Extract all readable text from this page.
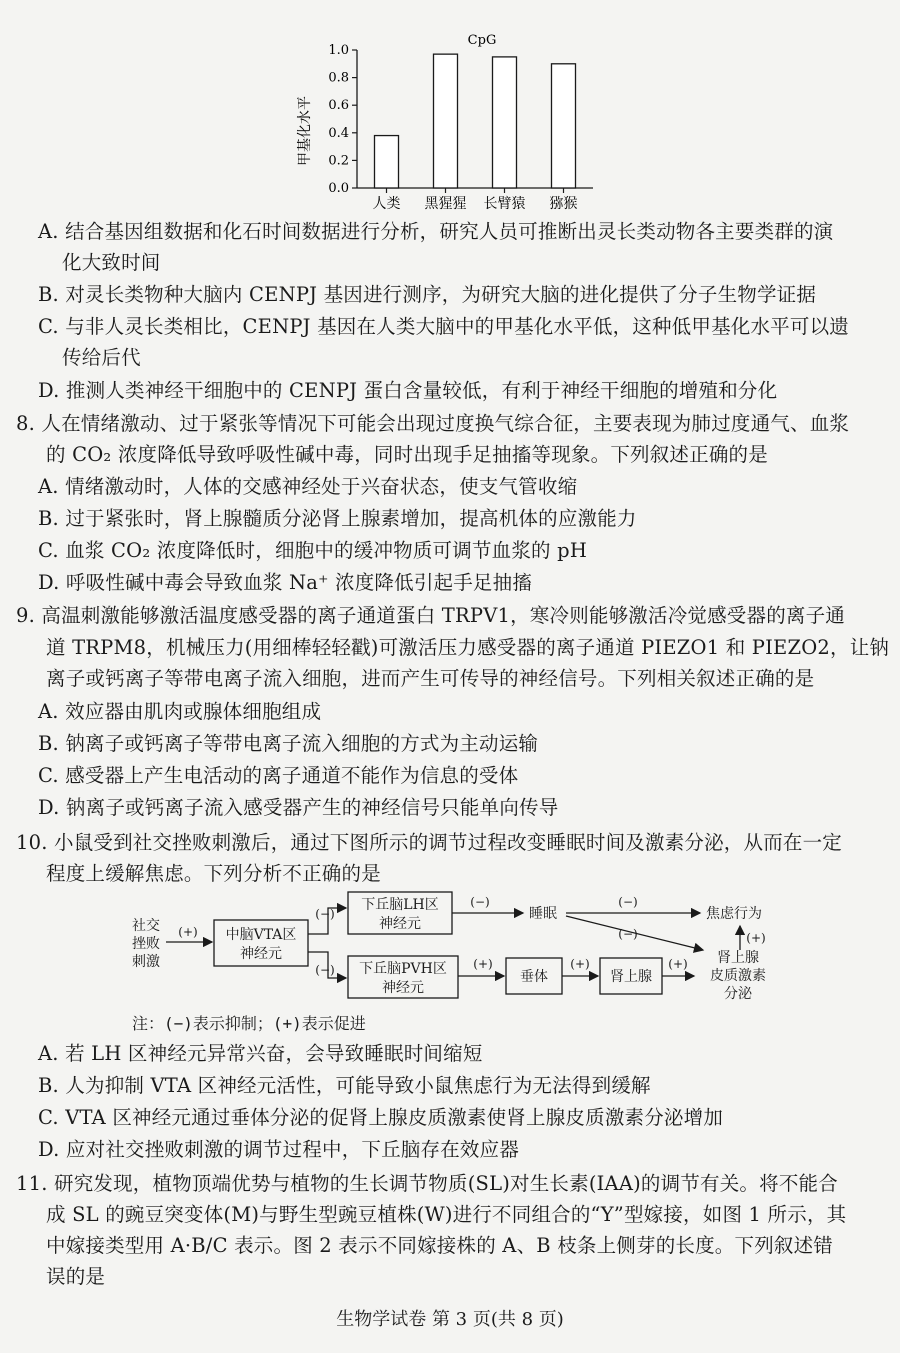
CpG
甲基化水平
0.0
0.2
0.4
0.6
0.8
1.0
人类 黑猩猩 长臂猿 猕猴
A. 结合基因组数据和化石时间数据进行分析，研究人员可推断出灵长类动物各主要类群的演
化大致时间
B. 对灵长类物种大脑内 CENPJ 基因进行测序，为研究大脑的进化提供了分子生物学证据
C. 与非人灵长类相比，CENPJ 基因在人类大脑中的甲基化水平低，这种低甲基化水平可以遗
传给后代
D. 推测人类神经干细胞中的 CENPJ 蛋白含量较低，有利于神经干细胞的增殖和分化
8. 人在情绪激动、过于紧张等情况下可能会出现过度换气综合征，主要表现为肺过度通气、血浆
的 CO₂ 浓度降低导致呼吸性碱中毒，同时出现手足抽搐等现象。下列叙述正确的是
A. 情绪激动时，人体的交感神经处于兴奋状态，使支气管收缩
B. 过于紧张时，肾上腺髓质分泌肾上腺素增加，提高机体的应激能力
C. 血浆 CO₂ 浓度降低时，细胞中的缓冲物质可调节血浆的 pH
D. 呼吸性碱中毒会导致血浆 Na⁺ 浓度降低引起手足抽搐
9. 高温刺激能够激活温度感受器的离子通道蛋白 TRPV1，寒冷则能够激活冷觉感受器的离子通
道 TRPM8，机械压力(用细棒轻轻戳)可激活压力感受器的离子通道 PIEZO1 和 PIEZO2，让钠
离子或钙离子等带电离子流入细胞，进而产生可传导的神经信号。下列相关叙述正确的是
A. 效应器由肌肉或腺体细胞组成
B. 钠离子或钙离子等带电离子流入细胞的方式为主动运输
C. 感受器上产生电活动的离子通道不能作为信息的受体
D. 钠离子或钙离子流入感受器产生的神经信号只能单向传导
10. 小鼠受到社交挫败刺激后，通过下图所示的调节过程改变睡眠时间及激素分泌，从而在一定
程度上缓解焦虑。下列分析不正确的是
社交
挫败
刺激
(+) 中脑VTA区
神经元
(−)
(−)
下丘脑LH区
神经元
(−)
睡眠
(−)
(−)
焦虑行为
(+)
下丘脑PVH区
神经元
(+)
垂体
(+)
肾上腺
(+) 肾上腺
皮质激素
分泌
注：(−)表示抑制；(+)表示促进
A. 若 LH 区神经元异常兴奋，会导致睡眠时间缩短
B. 人为抑制 VTA 区神经元活性，可能导致小鼠焦虑行为无法得到缓解
C. VTA 区神经元通过垂体分泌的促肾上腺皮质激素使肾上腺皮质激素分泌增加
D. 应对社交挫败刺激的调节过程中，下丘脑存在效应器
11. 研究发现，植物顶端优势与植物的生长调节物质(SL)对生长素(IAA)的调节有关。将不能合
成 SL 的豌豆突变体(M)与野生型豌豆植株(W)进行不同组合的“Y”型嫁接，如图 1 所示，其
中嫁接类型用 A·B/C 表示。图 2 表示不同嫁接株的 A、B 枝条上侧芽的长度。下列叙述错
误的是
生物学试卷 第 3 页(共 8 页)
